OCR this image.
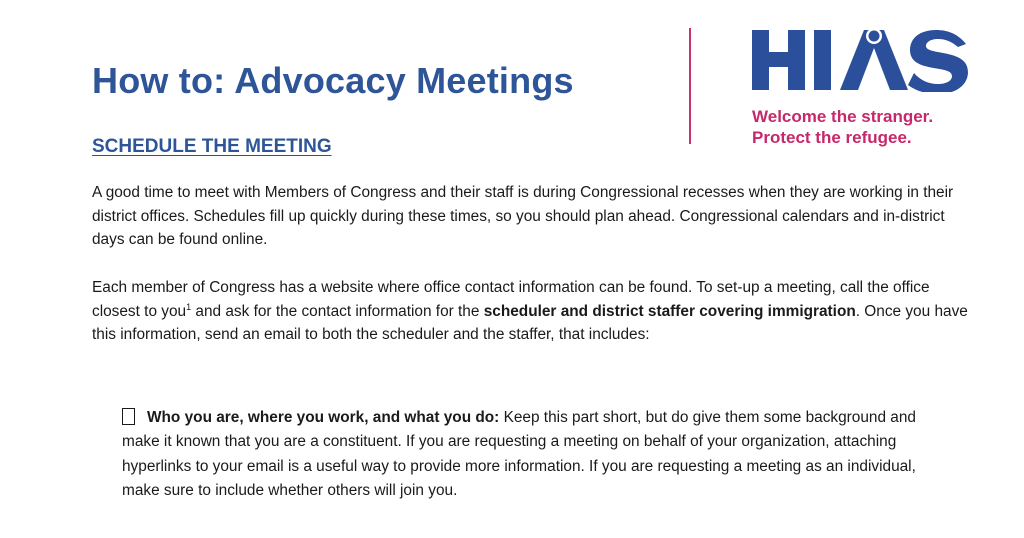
How to: Advocacy Meetings
Welcome the stranger.
Protect the refugee.
SCHEDULE THE MEETING
A good time to meet with Members of Congress and their staff is during Congressional recesses when they are working in their district offices. Schedules fill up quickly during these times, so you should plan ahead. Congressional calendars and in-district days can be found online.
Each member of Congress has a website where office contact information can be found. To set-up a meeting, call the office closest to you$^1$ and ask for the contact information for the scheduler and district staffer covering immigration. Once you have this information, send an email to both the scheduler and the staffer, that includes:
Who you are, where you work, and what you do: Keep this part short, but do give them some background and make it known that you are a constituent. If you are requesting a meeting on behalf of your organization, attaching hyperlinks to your email is a useful way to provide more information. If you are requesting a meeting as an individual, make sure to include whether others will join you.
